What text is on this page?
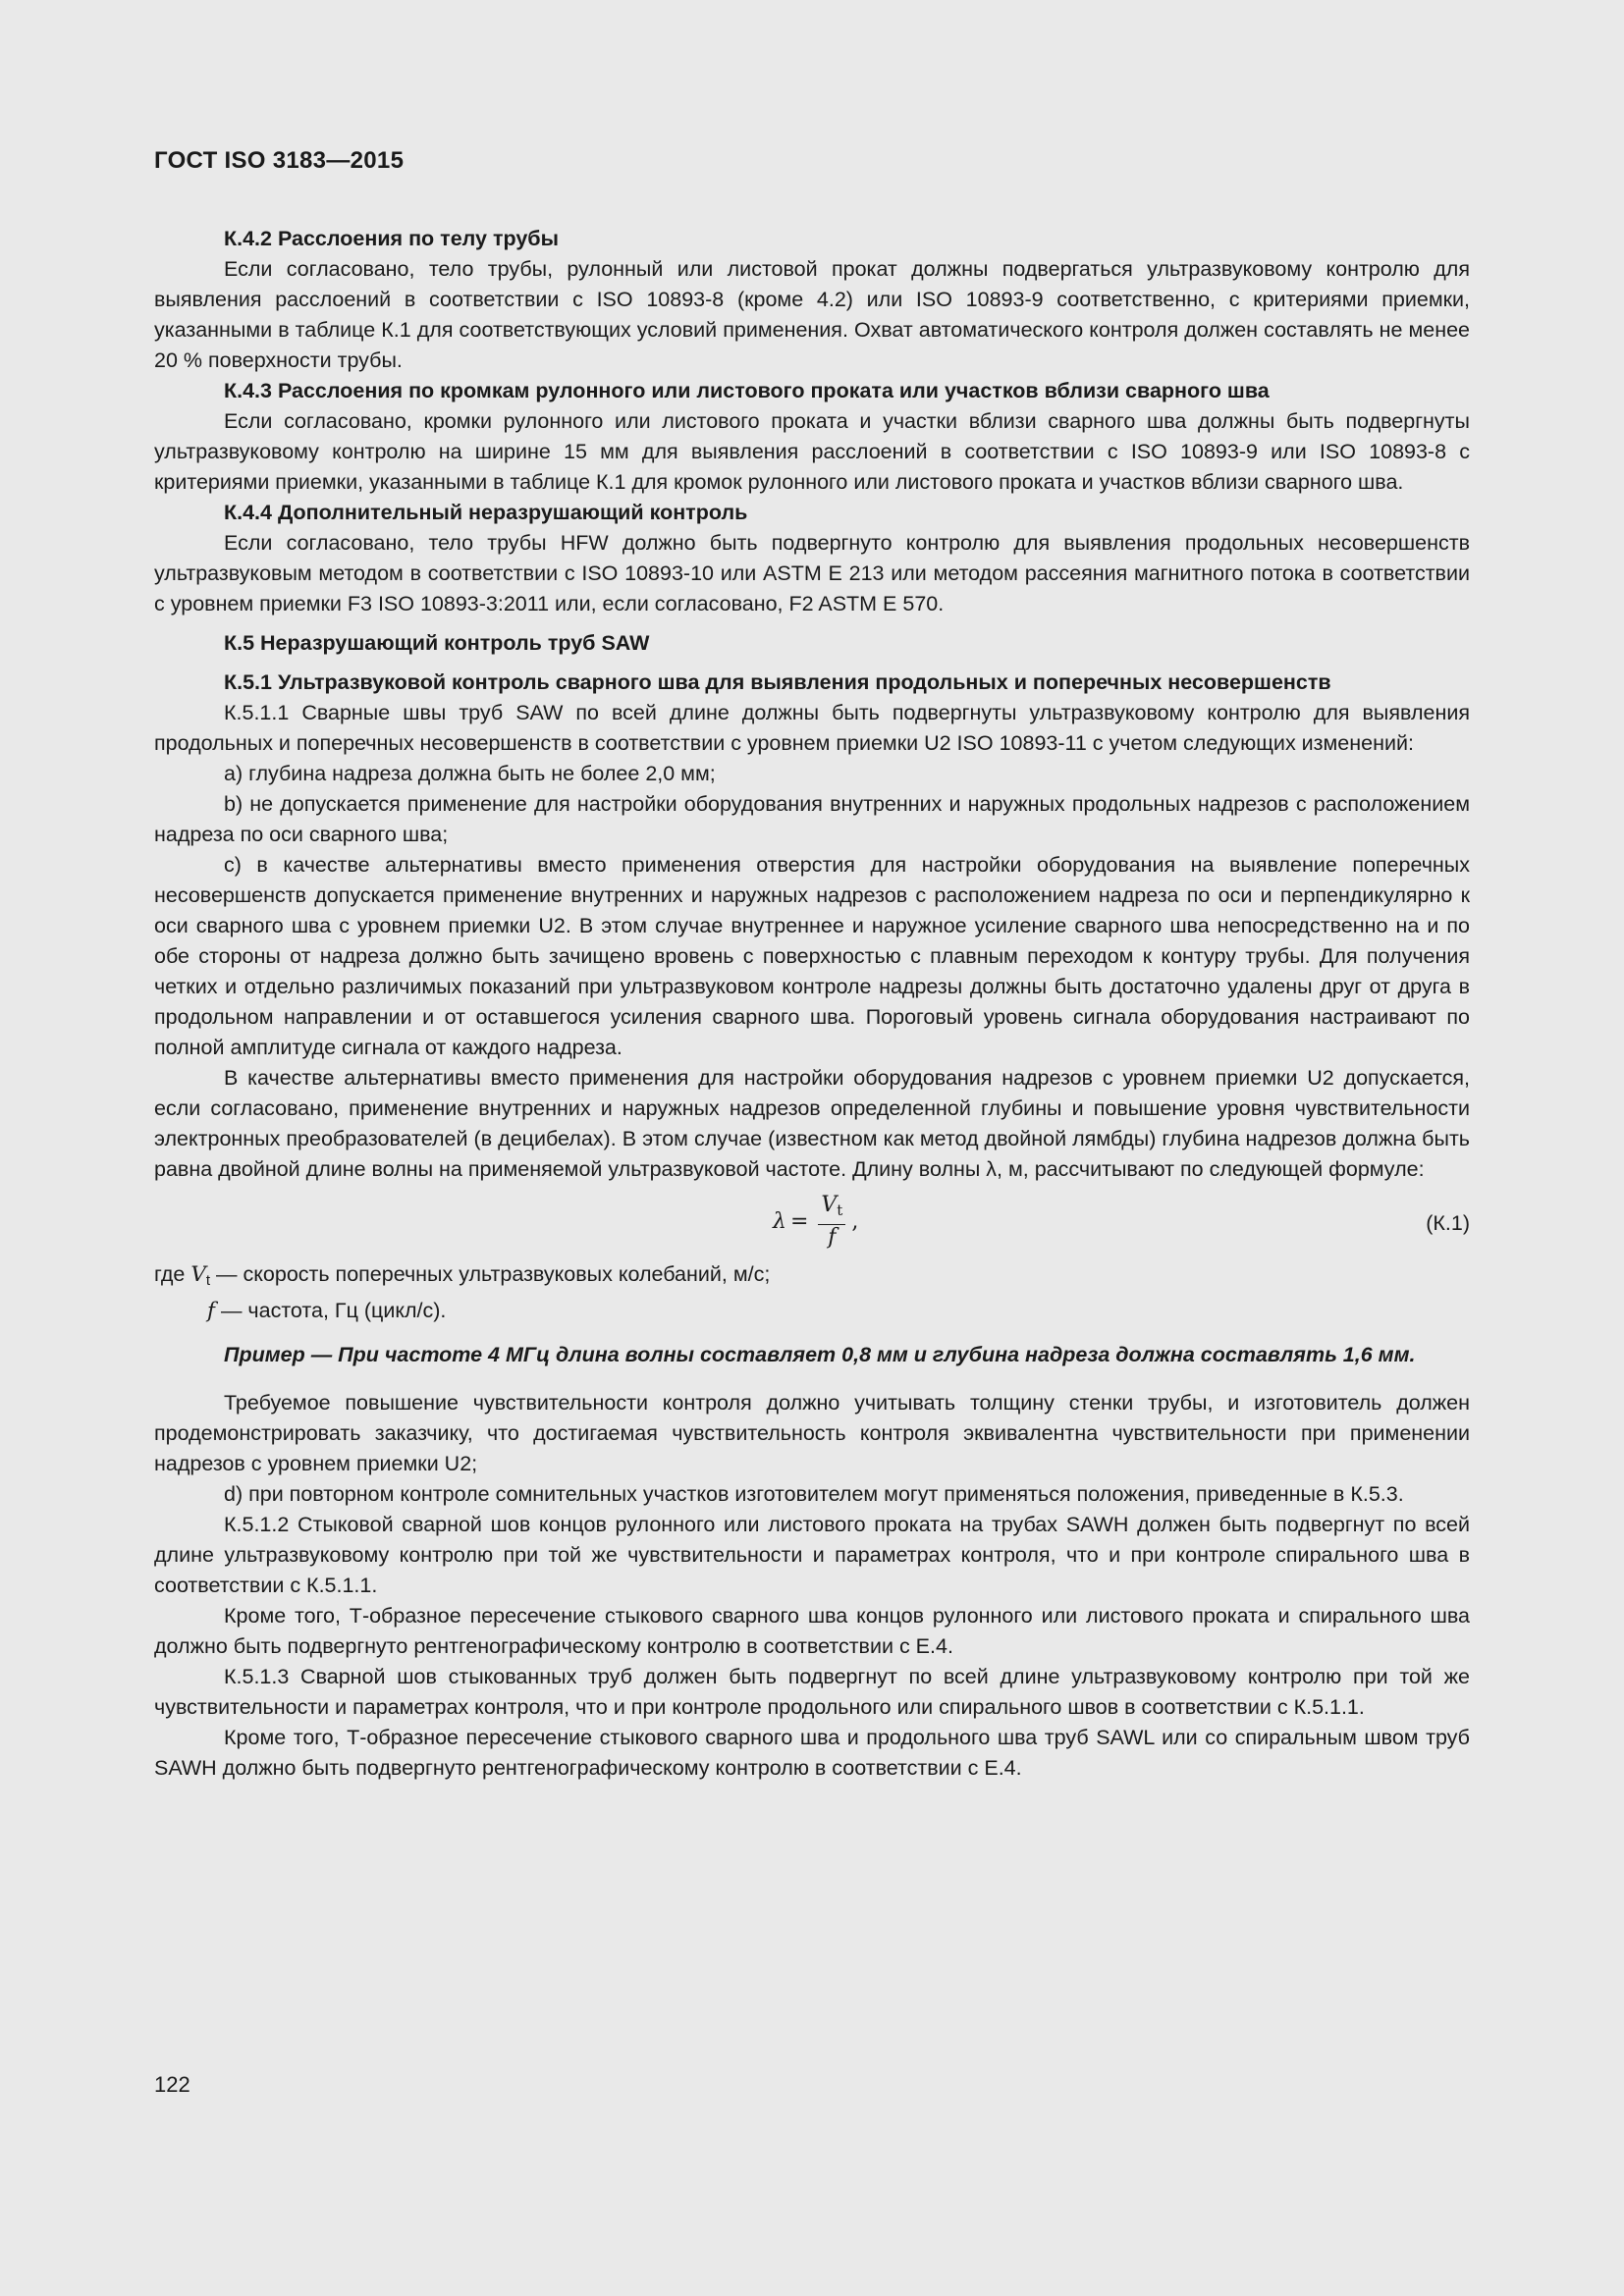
ГОСТ ISO 3183—2015

К.4.2 Расслоения по телу трубы

Если согласовано, тело трубы, рулонный или листовой прокат должны подвергаться ультразвуковому контролю для выявления расслоений в соответствии с ISO 10893-8 (кроме 4.2) или ISO 10893-9 соответственно, с критериями приемки, указанными в таблице К.1 для соответствующих условий применения. Охват автоматического контроля должен составлять не менее 20 % поверхности трубы.

К.4.3 Расслоения по кромкам рулонного или листового проката или участков вблизи сварного шва

Если согласовано, кромки рулонного или листового проката и участки вблизи сварного шва должны быть подвергнуты ультразвуковому контролю на ширине 15 мм для выявления расслоений в соответствии с ISO 10893-9 или ISO 10893-8 с критериями приемки, указанными в таблице К.1 для кромок рулонного или листового проката и участков вблизи сварного шва.

К.4.4 Дополнительный неразрушающий контроль

Если согласовано, тело трубы HFW должно быть подвергнуто контролю для выявления продольных несовершенств ультразвуковым методом в соответствии с ISO 10893-10 или ASTM E 213 или методом рассеяния магнитного потока в соответствии с уровнем приемки F3 ISO 10893-3:2011 или, если согласовано, F2 ASTM E 570.

К.5 Неразрушающий контроль труб SAW

К.5.1 Ультразвуковой контроль сварного шва для выявления продольных и поперечных несовершенств

К.5.1.1 Сварные швы труб SAW по всей длине должны быть подвергнуты ультразвуковому контролю для выявления продольных и поперечных несовершенств в соответствии с уровнем приемки U2 ISO 10893-11 с учетом следующих изменений:

a) глубина надреза должна быть не более 2,0 мм;

b) не допускается применение для настройки оборудования внутренних и наружных продольных надрезов с расположением надреза по оси сварного шва;

c) в качестве альтернативы вместо применения отверстия для настройки оборудования на выявление поперечных несовершенств допускается применение внутренних и наружных надрезов с расположением надреза по оси и перпендикулярно к оси сварного шва с уровнем приемки U2. В этом случае внутреннее и наружное усиление сварного шва непосредственно на и по обе стороны от надреза должно быть зачищено вровень с поверхностью с плавным переходом к контуру трубы. Для получения четких и отдельно различимых показаний при ультразвуковом контроле надрезы должны быть достаточно удалены друг от друга в продольном направлении и от оставшегося усиления сварного шва. Пороговый уровень сигнала оборудования настраивают по полной амплитуде сигнала от каждого надреза.

В качестве альтернативы вместо применения для настройки оборудования надрезов с уровнем приемки U2 допускается, если согласовано, применение внутренних и наружных надрезов определенной глубины и повышение уровня чувствительности электронных преобразователей (в децибелах). В этом случае (известном как метод двойной лямбды) глубина надрезов должна быть равна двойной длине волны на применяемой ультразвуковой частоте. Длину волны λ, м, рассчитывают по следующей формуле:

$\lambda = \frac{V_t}{f}$ ,	(К.1)

где $V_t$ — скорость поперечных ультразвуковых колебаний, м/с;

f — частота, Гц (цикл/с).

Пример — При частоте 4 МГц длина волны составляет 0,8 мм и глубина надреза должна составлять 1,6 мм.

Требуемое повышение чувствительности контроля должно учитывать толщину стенки трубы, и изготовитель должен продемонстрировать заказчику, что достигаемая чувствительность контроля эквивалентна чувствительности при применении надрезов с уровнем приемки U2;

d) при повторном контроле сомнительных участков изготовителем могут применяться положения, приведенные в К.5.3.

К.5.1.2 Стыковой сварной шов концов рулонного или листового проката на трубах SAWH должен быть подвергнут по всей длине ультразвуковому контролю при той же чувствительности и параметрах контроля, что и при контроле спирального шва в соответствии с К.5.1.1.

Кроме того, Т-образное пересечение стыкового сварного шва концов рулонного или листового проката и спирального шва должно быть подвергнуто рентгенографическому контролю в соответствии с Е.4.

К.5.1.3 Сварной шов стыкованных труб должен быть подвергнут по всей длине ультразвуковому контролю при той же чувствительности и параметрах контроля, что и при контроле продольного или спирального швов в соответствии с К.5.1.1.

Кроме того, Т-образное пересечение стыкового сварного шва и продольного шва труб SAWL или со спиральным швом труб SAWH должно быть подвергнуто рентгенографическому контролю в соответствии с Е.4.

122
